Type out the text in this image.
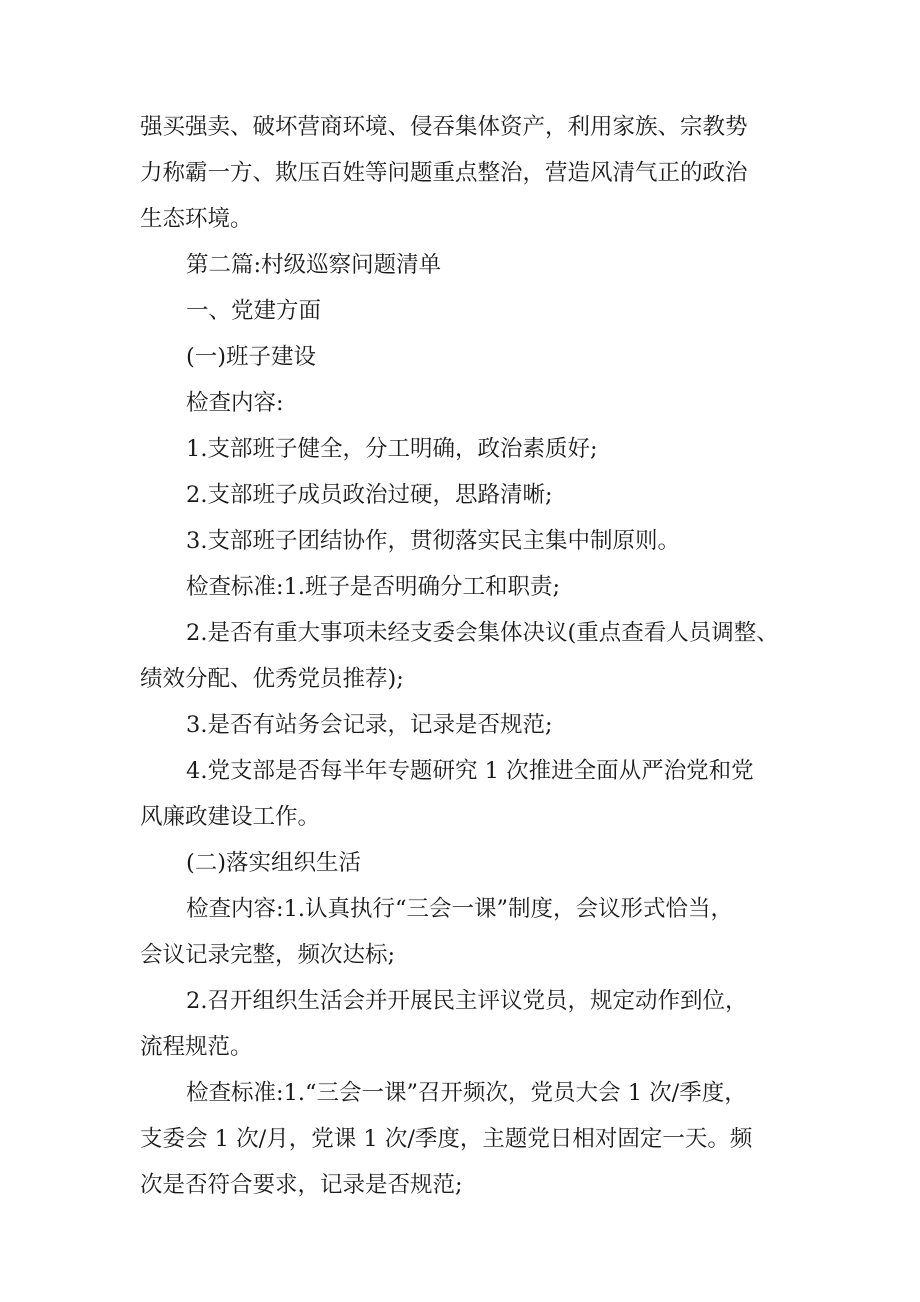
强买强卖、破坏营商环境、侵吞集体资产，利用家族、宗教势

力称霸一方、欺压百姓等问题重点整治，营造风清气正的政治

生态环境。

第二篇:村级巡察问题清单

一、党建方面

(一)班子建设

检查内容:

1.支部班子健全，分工明确，政治素质好;

2.支部班子成员政治过硬，思路清晰;

3.支部班子团结协作，贯彻落实民主集中制原则。

检查标准:1.班子是否明确分工和职责;

2.是否有重大事项未经支委会集体决议(重点查看人员调整、

绩效分配、优秀党员推荐);

3.是否有站务会记录，记录是否规范;

4.党支部是否每半年专题研究 1 次推进全面从严治党和党

风廉政建设工作。

(二)落实组织生活

检查内容:1.认真执行“三会一课”制度，会议形式恰当，

会议记录完整，频次达标;

2.召开组织生活会并开展民主评议党员，规定动作到位，

流程规范。

检查标准:1.“三会一课”召开频次，党员大会 1 次/季度，

支委会 1 次/月，党课 1 次/季度，主题党日相对固定一天。频

次是否符合要求，记录是否规范;
